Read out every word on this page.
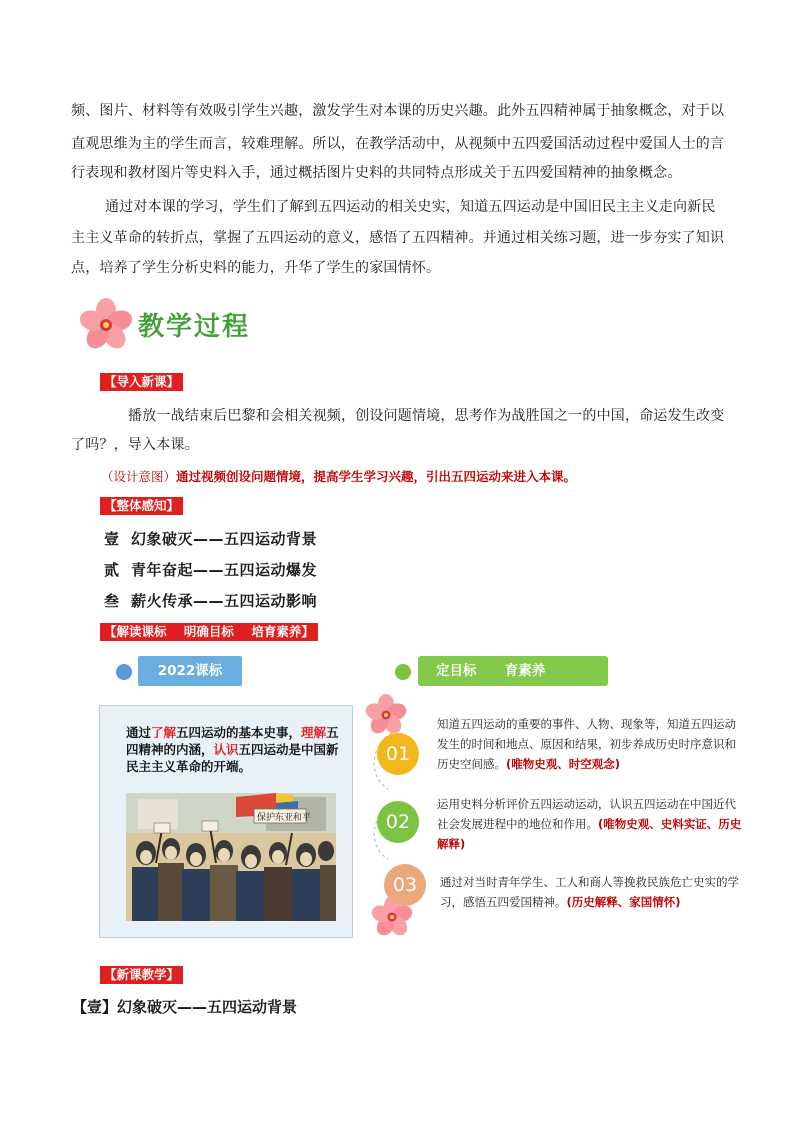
频、图片、材料等有效吸引学生兴趣，激发学生对本课的历史兴趣。此外五四精神属于抽象概念，对于以
直观思维为主的学生而言，较难理解。所以，在教学活动中，从视频中五四爱国活动过程中爱国人士的言
行表现和教材图片等史料入手，通过概括图片史料的共同特点形成关于五四爱国精神的抽象概念。
通过对本课的学习，学生们了解到五四运动的相关史实，知道五四运动是中国旧民主主义走向新民
主主义革命的转折点，掌握了五四运动的意义，感悟了五四精神。并通过相关练习题，进一步夯实了知识
点，培养了学生分析史料的能力，升华了学生的家国情怀。
教学过程
【导入新课】
播放一战结束后巴黎和会相关视频，创设问题情境，思考作为战胜国之一的中国，命运发生改变
了吗？，导入本课。
（设计意图）通过视频创设问题情境，提高学生学习兴趣，引出五四运动来进入本课。
【整体感知】
壹 幻象破灭——五四运动背景
贰 青年奋起——五四运动爆发
叁 薪火传承——五四运动影响
【解读课标    明确目标    培育素养】
2022课标	定目标      育素养
通过了解五四运动的基本史事，理解五四精神的内涵，认识五四运动是中国新民主主义革命的开端。
保护东亚和平
01
02
03
知道五四运动的重要的事件、人物、现象等，知道五四运动发生的时间和地点、原因和结果，初步养成历史时序意识和历史空间感。(唯物史观、时空观念)
运用史料分析评价五四运动运动，认识五四运动在中国近代社会发展进程中的地位和作用。(唯物史观、史料实证、历史解释)
通过对当时青年学生、工人和商人等挽救民族危亡史实的学习，感悟五四爱国精神。(历史解释、家国情怀)
【新课教学】
【壹】幻象破灭——五四运动背景
